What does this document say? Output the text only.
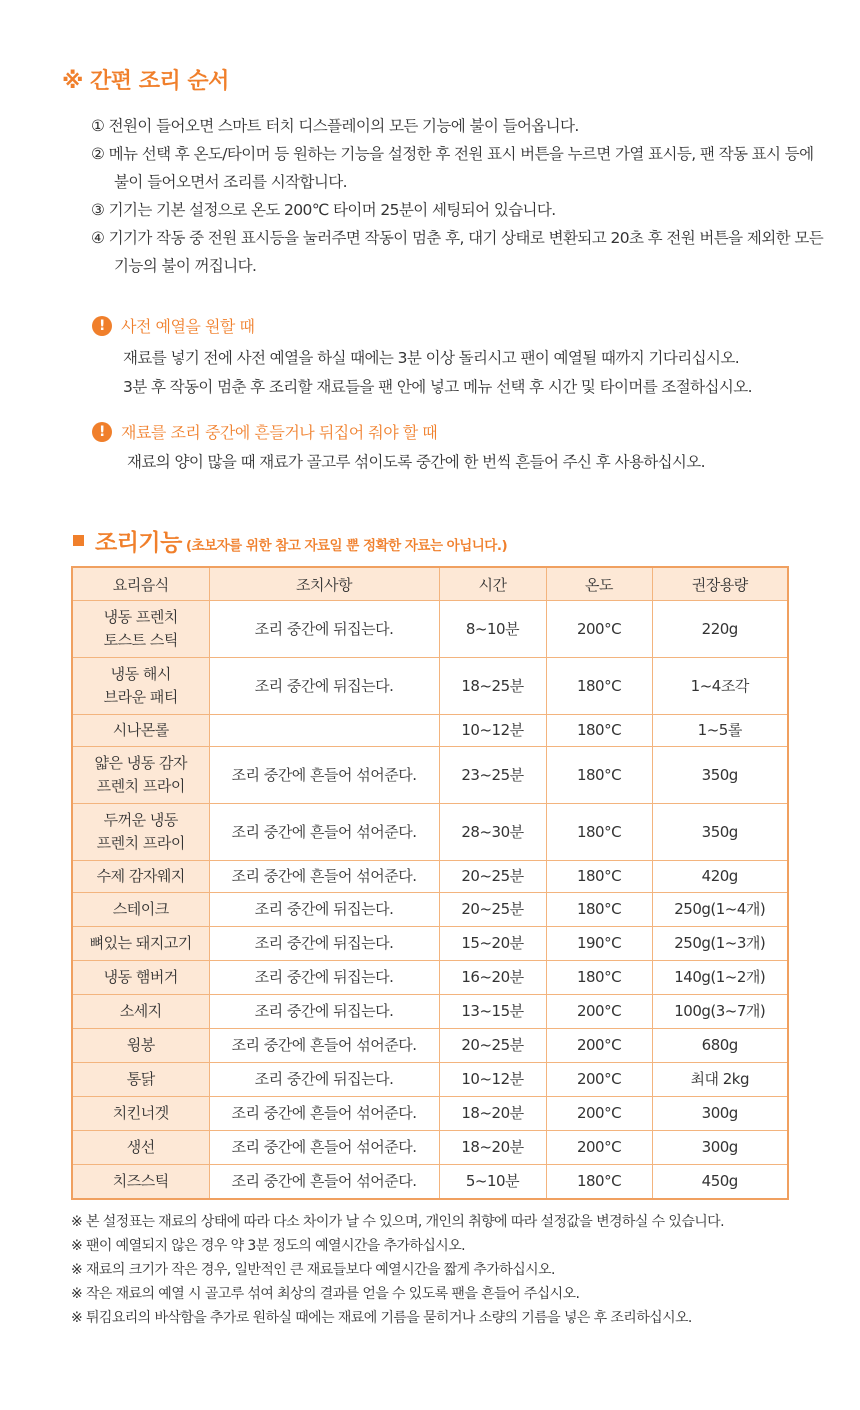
※ 간편 조리 순서
① 전원이 들어오면 스마트 터치 디스플레이의 모든 기능에 불이 들어옵니다.
② 메뉴 선택 후 온도/타이머 등 원하는 기능을 설정한 후 전원 표시 버튼을 누르면 가열 표시등, 팬 작동 표시 등에 불이 들어오면서 조리를 시작합니다.
③ 기기는 기본 설정으로 온도 200℃ 타이머 25분이 세팅되어 있습니다.
④ 기기가 작동 중 전원 표시등을 눌러주면 작동이 멈춘 후, 대기 상태로 변환되고 20초 후 전원 버튼을 제외한 모든 기능의 불이 꺼집니다.
!	사전 예열을 원할 때
재료를 넣기 전에 사전 예열을 하실 때에는 3분 이상 돌리시고 팬이 예열될 때까지 기다리십시오.
3분 후 작동이 멈춘 후 조리할 재료들을 팬 안에 넣고 메뉴 선택 후 시간 및 타이머를 조절하십시오.
!	재료를 조리 중간에 흔들거나 뒤집어 줘야 할 때
재료의 양이 많을 때 재료가 골고루 섞이도록 중간에 한 번씩 흔들어 주신 후 사용하십시오.
조리기능 (초보자를 위한 참고 자료일 뿐 정확한 자료는 아닙니다.)
요리음식	조치사항	시간	온도	권장용량
냉동 프렌치
토스트 스틱	조리 중간에 뒤집는다.	8~10분	200°C	220g
냉동 해시
브라운 패티	조리 중간에 뒤집는다.	18~25분	180°C	1~4조각
시나몬롤		10~12분	180°C	1~5롤
얇은 냉동 감자
프렌치 프라이	조리 중간에 흔들어 섞어준다.	23~25분	180°C	350g
두꺼운 냉동
프렌치 프라이	조리 중간에 흔들어 섞어준다.	28~30분	180°C	350g
수제 감자웨지	조리 중간에 흔들어 섞어준다.	20~25분	180°C	420g
스테이크	조리 중간에 뒤집는다.	20~25분	180°C	250g(1~4개)
뼈있는 돼지고기	조리 중간에 뒤집는다.	15~20분	190°C	250g(1~3개)
냉동 햄버거	조리 중간에 뒤집는다.	16~20분	180°C	140g(1~2개)
소세지	조리 중간에 뒤집는다.	13~15분	200°C	100g(3~7개)
윙봉	조리 중간에 흔들어 섞어준다.	20~25분	200°C	680g
통닭	조리 중간에 뒤집는다.	10~12분	200°C	최대 2kg
치킨너겟	조리 중간에 흔들어 섞어준다.	18~20분	200°C	300g
생선	조리 중간에 흔들어 섞어준다.	18~20분	200°C	300g
치즈스틱	조리 중간에 흔들어 섞어준다.	5~10분	180°C	450g
※ 본 설정표는 재료의 상태에 따라 다소 차이가 날 수 있으며, 개인의 취향에 따라 설정값을 변경하실 수 있습니다.
※ 팬이 예열되지 않은 경우 약 3분 정도의 예열시간을 추가하십시오.
※ 재료의 크기가 작은 경우, 일반적인 큰 재료들보다 예열시간을 짧게 추가하십시오.
※ 작은 재료의 예열 시 골고루 섞여 최상의 결과를 얻을 수 있도록 팬을 흔들어 주십시오.
※ 튀김요리의 바삭함을 추가로 원하실 때에는 재료에 기름을 묻히거나 소량의 기름을 넣은 후 조리하십시오.
